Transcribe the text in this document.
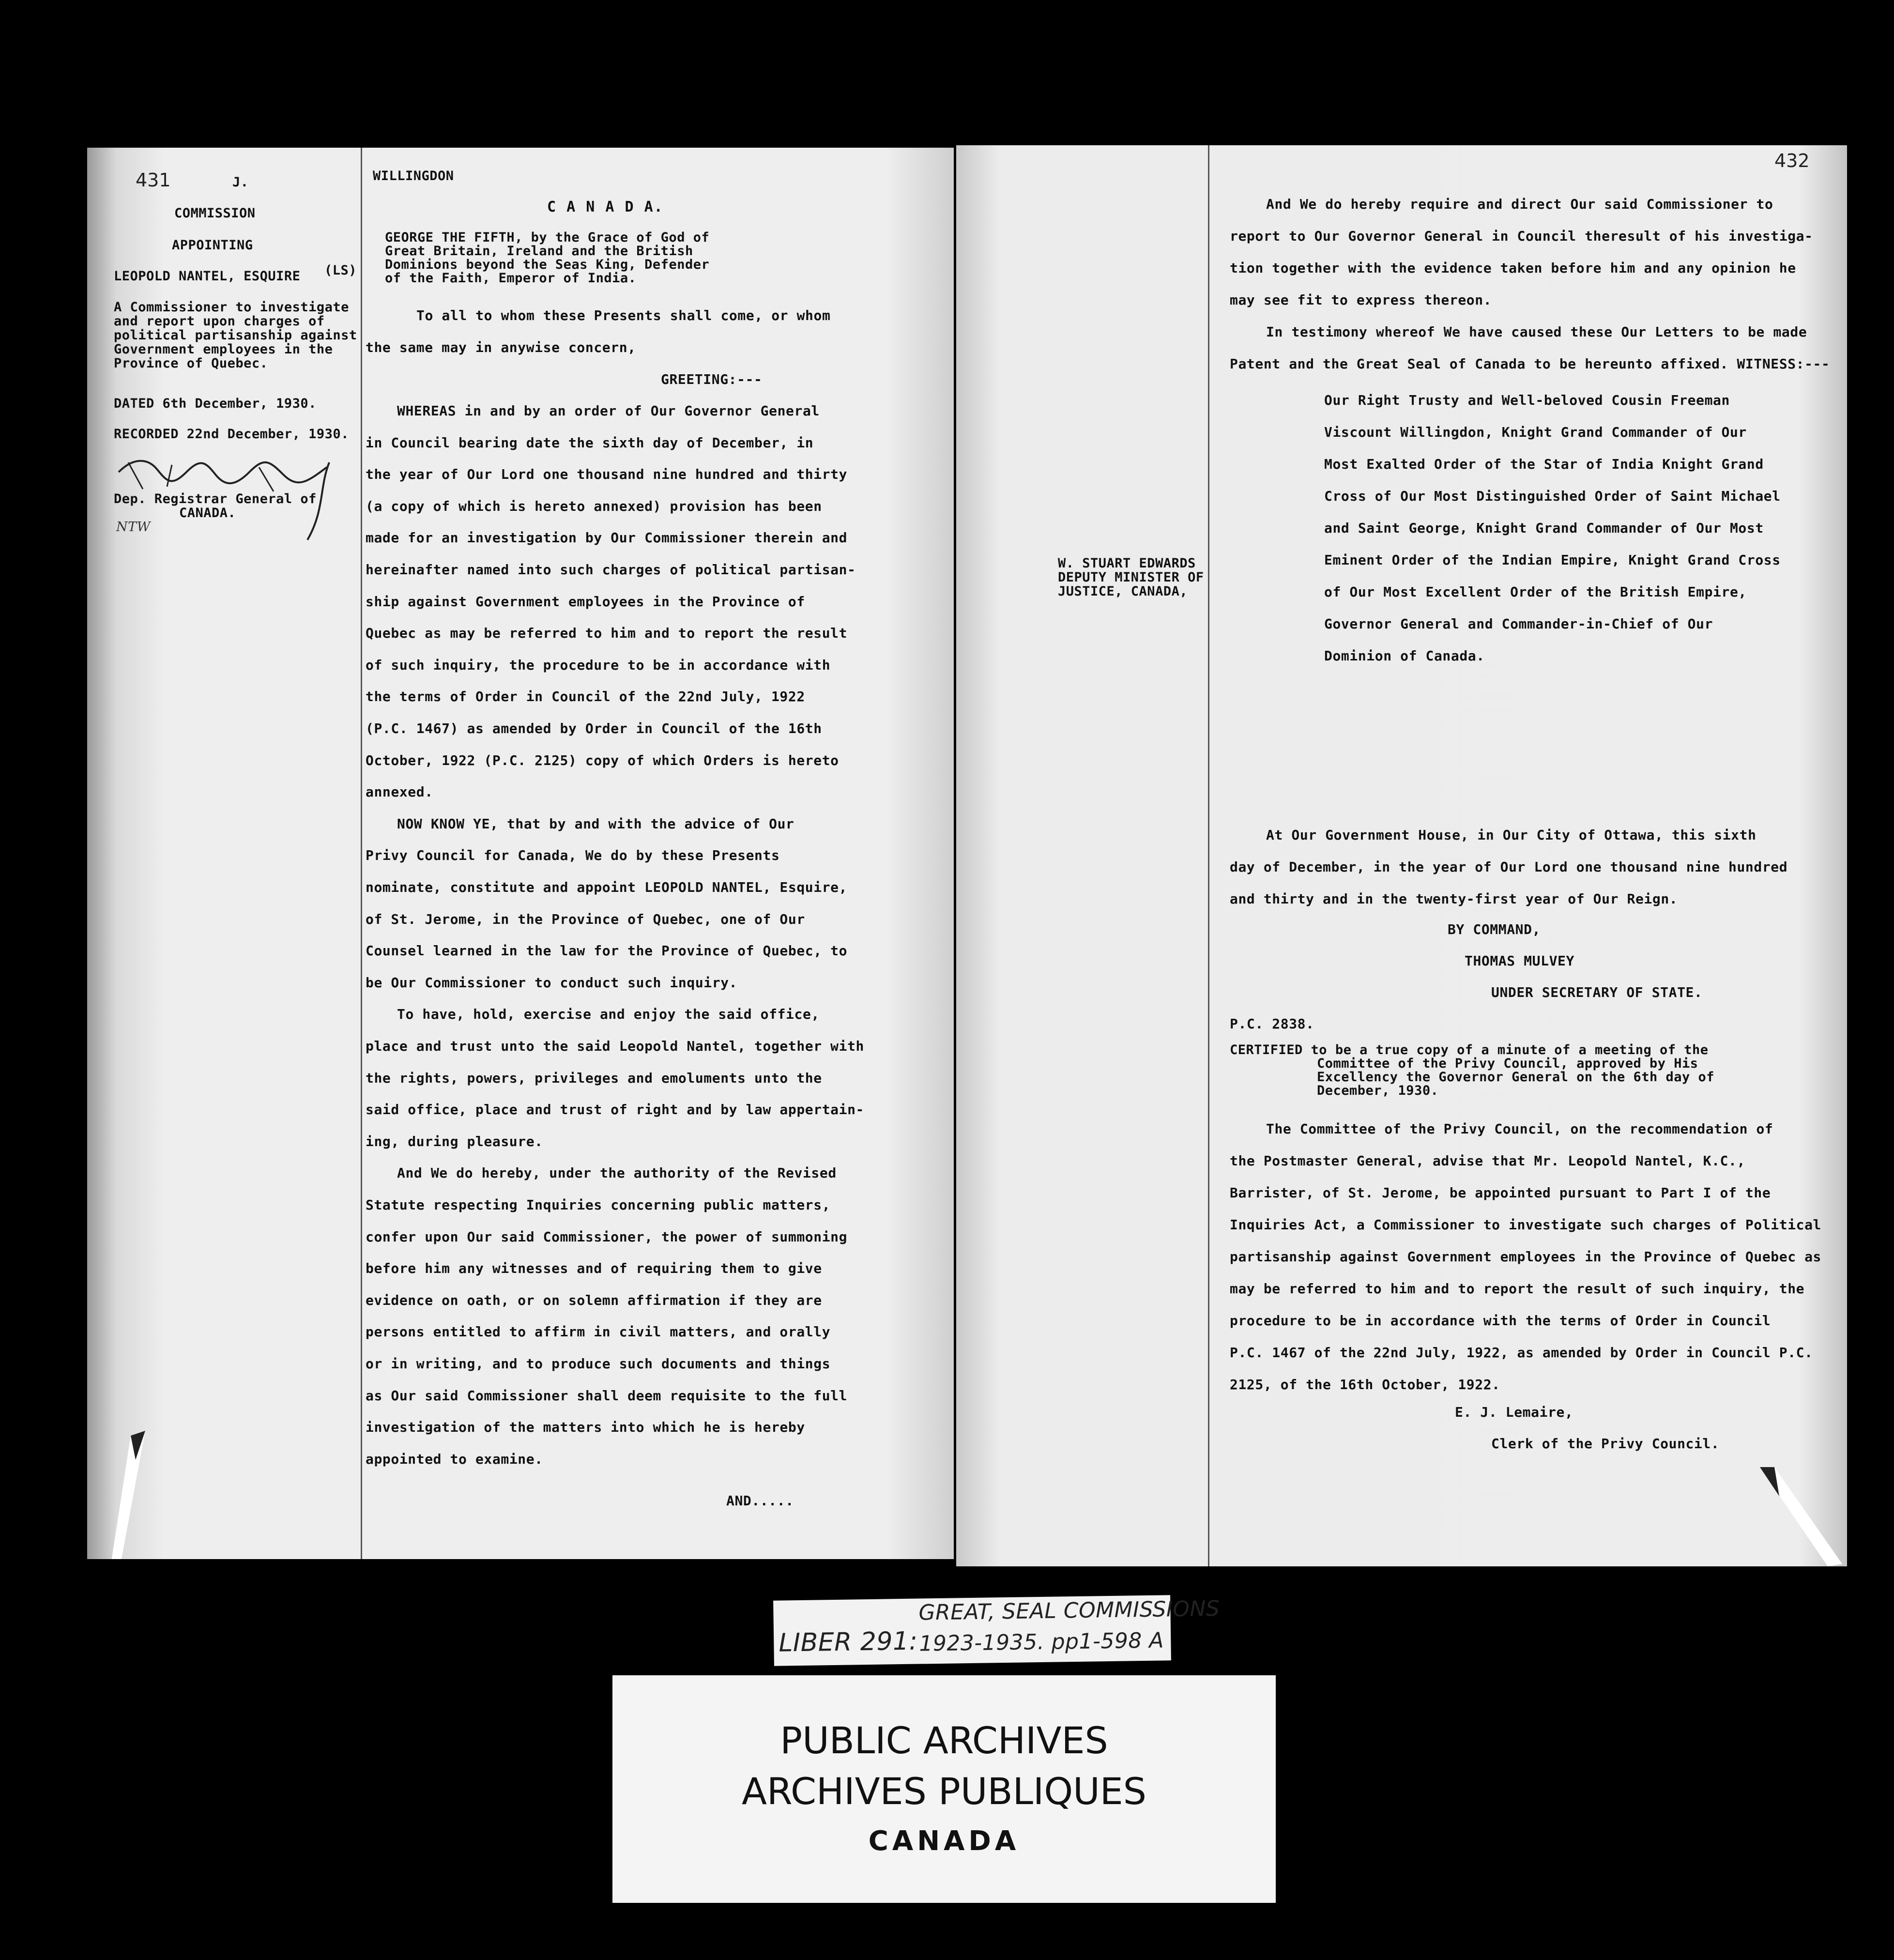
431	J.	WILLINGDON
COMMISSION
APPOINTING
LEOPOLD NANTEL, ESQUIRE
A Commissioner to investigate
and report upon charges of
political partisanship against
Government employees in the
Province of Quebec.
DATED 6th December, 1930.
RECORDED 22nd December, 1930.
Dep. Registrar General of
CANADA.
NTW
C A N A D A.
(LS)
GEORGE THE FIFTH, by the Grace of God of
Great Britain, Ireland and the British
Dominions beyond the Seas King, Defender
of the Faith, Emperor of India.
To all to whom these Presents shall come, or whom
the same may in anywise concern,
GREETING:---
WHEREAS in and by an order of Our Governor General
in Council bearing date the sixth day of December, in
the year of Our Lord one thousand nine hundred and thirty
(a copy of which is hereto annexed) provision has been
made for an investigation by Our Commissioner therein and
hereinafter named into such charges of political partisan-
ship against Government employees in the Province of
Quebec as may be referred to him and to report the result
of such inquiry, the procedure to be in accordance with
the terms of Order in Council of the 22nd July, 1922
(P.C. 1467) as amended by Order in Council of the 16th
October, 1922 (P.C. 2125) copy of which Orders is hereto
annexed.
NOW KNOW YE, that by and with the advice of Our
Privy Council for Canada, We do by these Presents
nominate, constitute and appoint LEOPOLD NANTEL, Esquire,
of St. Jerome, in the Province of Quebec, one of Our
Counsel learned in the law for the Province of Quebec, to
be Our Commissioner to conduct such inquiry.
To have, hold, exercise and enjoy the said office,
place and trust unto the said Leopold Nantel, together with
the rights, powers, privileges and emoluments unto the
said office, place and trust of right and by law appertain-
ing, during pleasure.
And We do hereby, under the authority of the Revised
Statute respecting Inquiries concerning public matters,
confer upon Our said Commissioner, the power of summoning
before him any witnesses and of requiring them to give
evidence on oath, or on solemn affirmation if they are
persons entitled to affirm in civil matters, and orally
or in writing, and to produce such documents and things
as Our said Commissioner shall deem requisite to the full
investigation of the matters into which he is hereby
appointed to examine.
AND.....
432
W. STUART EDWARDS
DEPUTY MINISTER OF
JUSTICE, CANADA,
And We do hereby require and direct Our said Commissioner to
report to Our Governor General in Council theresult of his investiga-
tion together with the evidence taken before him and any opinion he
may see fit to express thereon.
In testimony whereof We have caused these Our Letters to be made
Patent and the Great Seal of Canada to be hereunto affixed. WITNESS:---
Our Right Trusty and Well-beloved Cousin Freeman
Viscount Willingdon, Knight Grand Commander of Our
Most Exalted Order of the Star of India Knight Grand
Cross of Our Most Distinguished Order of Saint Michael
and Saint George, Knight Grand Commander of Our Most
Eminent Order of the Indian Empire, Knight Grand Cross
of Our Most Excellent Order of the British Empire,
Governor General and Commander-in-Chief of Our
Dominion of Canada.
At Our Government House, in Our City of Ottawa, this sixth
day of December, in the year of Our Lord one thousand nine hundred
and thirty and in the twenty-first year of Our Reign.
BY COMMAND,
THOMAS MULVEY
UNDER SECRETARY OF STATE.
P.C. 2838.
CERTIFIED to be a true copy of a minute of a meeting of the
Committee of the Privy Council, approved by His
Excellency the Governor General on the 6th day of
December, 1930.
The Committee of the Privy Council, on the recommendation of
the Postmaster General, advise that Mr. Leopold Nantel, K.C.,
Barrister, of St. Jerome, be appointed pursuant to Part I of the
Inquiries Act, a Commissioner to investigate such charges of Political
partisanship against Government employees in the Province of Quebec as
may be referred to him and to report the result of such inquiry, the
procedure to be in accordance with the terms of Order in Council
P.C. 1467 of the 22nd July, 1922, as amended by Order in Council P.C.
2125, of the 16th October, 1922.
E. J. Lemaire,
Clerk of the Privy Council.
LIBER 291:
GREAT, SEAL COMMISSIONS
1923-1935. pp1-598 A
PUBLIC ARCHIVES
ARCHIVES PUBLIQUES
CANADA
